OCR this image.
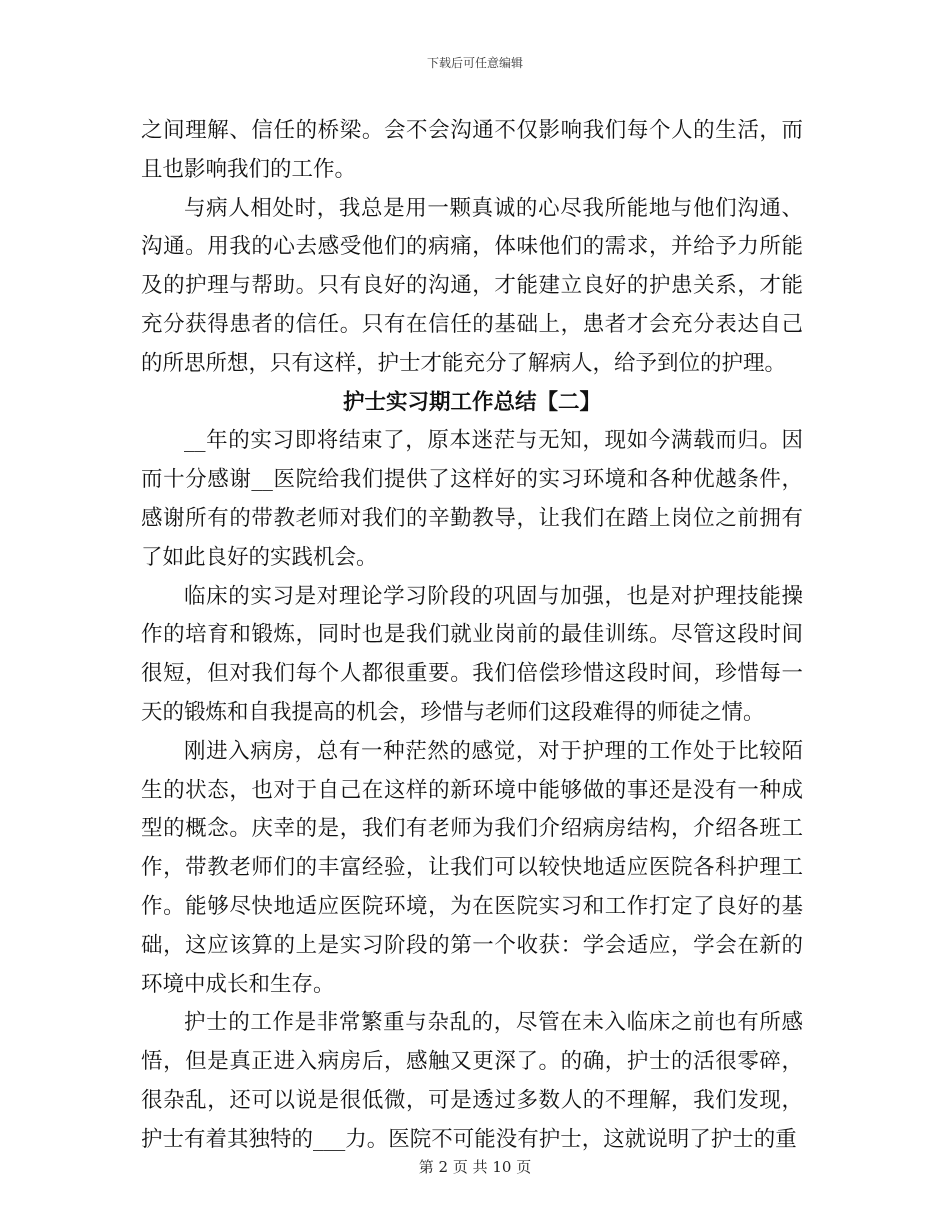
下载后可任意编辑

之间理解、信任的桥梁。会不会沟通不仅影响我们每个人的生活，而且也影响我们的工作。

与病人相处时，我总是用一颗真诚的心尽我所能地与他们沟通、沟通。用我的心去感受他们的病痛，体味他们的需求，并给予力所能及的护理与帮助。只有良好的沟通，才能建立良好的护患关系，才能充分获得患者的信任。只有在信任的基础上，患者才会充分表达自己的所思所想，只有这样，护士才能充分了解病人，给予到位的护理。

护士实习期工作总结【二】

__年的实习即将结束了，原本迷茫与无知，现如今满载而归。因而十分感谢__医院给我们提供了这样好的实习环境和各种优越条件，感谢所有的带教老师对我们的辛勤教导，让我们在踏上岗位之前拥有了如此良好的实践机会。

临床的实习是对理论学习阶段的巩固与加强，也是对护理技能操作的培育和锻炼，同时也是我们就业岗前的最佳训练。尽管这段时间很短，但对我们每个人都很重要。我们倍偿珍惜这段时间，珍惜每一天的锻炼和自我提高的机会，珍惜与老师们这段难得的师徒之情。

刚进入病房，总有一种茫然的感觉，对于护理的工作处于比较陌生的状态，也对于自己在这样的新环境中能够做的事还是没有一种成型的概念。庆幸的是，我们有老师为我们介绍病房结构，介绍各班工作，带教老师们的丰富经验，让我们可以较快地适应医院各科护理工作。能够尽快地适应医院环境，为在医院实习和工作打定了良好的基础，这应该算的上是实习阶段的第一个收获：学会适应，学会在新的环境中成长和生存。

护士的工作是非常繁重与杂乱的，尽管在未入临床之前也有所感悟，但是真正进入病房后，感触又更深了。的确，护士的活很零碎，很杂乱，还可以说是很低微，可是透过多数人的不理解，我们发现，护士有着其独特的___力。医院不可能没有护士，这就说明了护士的重

第 2 页 共 10 页
